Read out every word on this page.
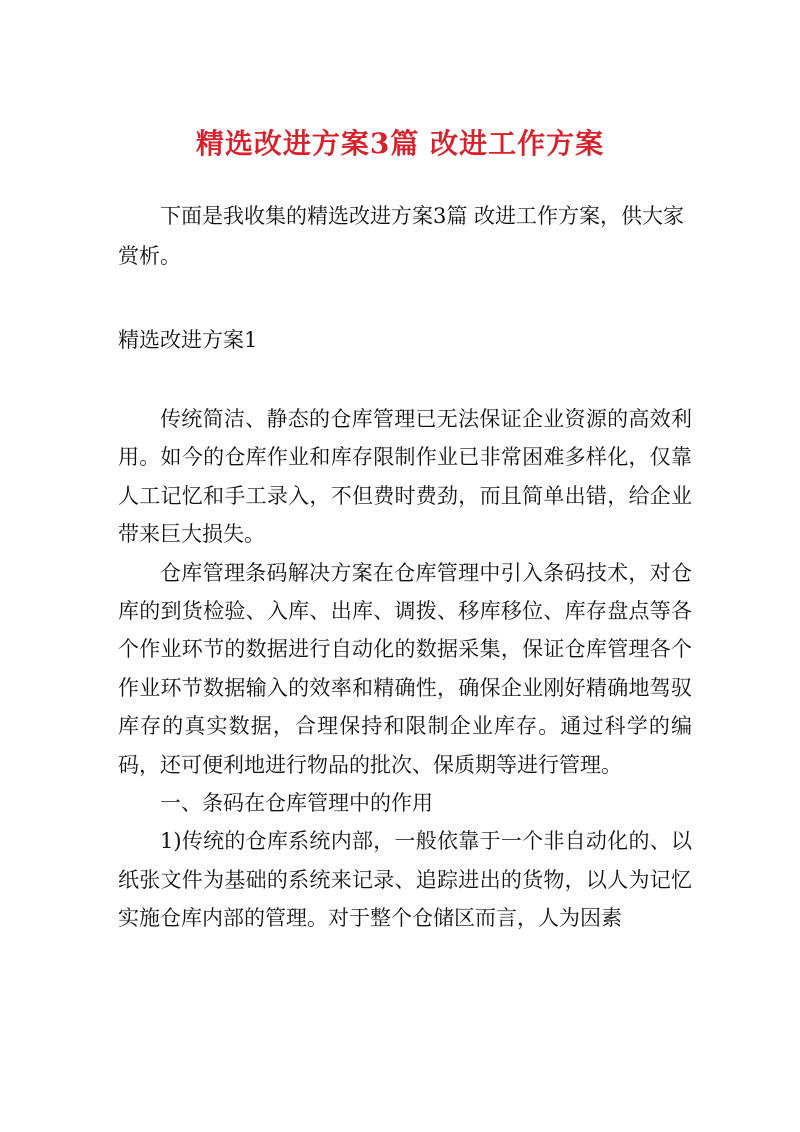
精选改进方案3篇 改进工作方案

下面是我收集的精选改进方案3篇 改进工作方案，供大家赏析。

精选改进方案1

传统简洁、静态的仓库管理已无法保证企业资源的高效利用。如今的仓库作业和库存限制作业已非常困难多样化，仅靠人工记忆和手工录入，不但费时费劲，而且简单出错，给企业带来巨大损失。

仓库管理条码解决方案在仓库管理中引入条码技术，对仓库的到货检验、入库、出库、调拨、移库移位、库存盘点等各个作业环节的数据进行自动化的数据采集，保证仓库管理各个作业环节数据输入的效率和精确性，确保企业刚好精确地驾驭库存的真实数据，合理保持和限制企业库存。通过科学的编码，还可便利地进行物品的批次、保质期等进行管理。

一、条码在仓库管理中的作用

1)传统的仓库系统内部，一般依靠于一个非自动化的、以纸张文件为基础的系统来记录、追踪进出的货物，以人为记忆实施仓库内部的管理。对于整个仓储区而言，人为因素
